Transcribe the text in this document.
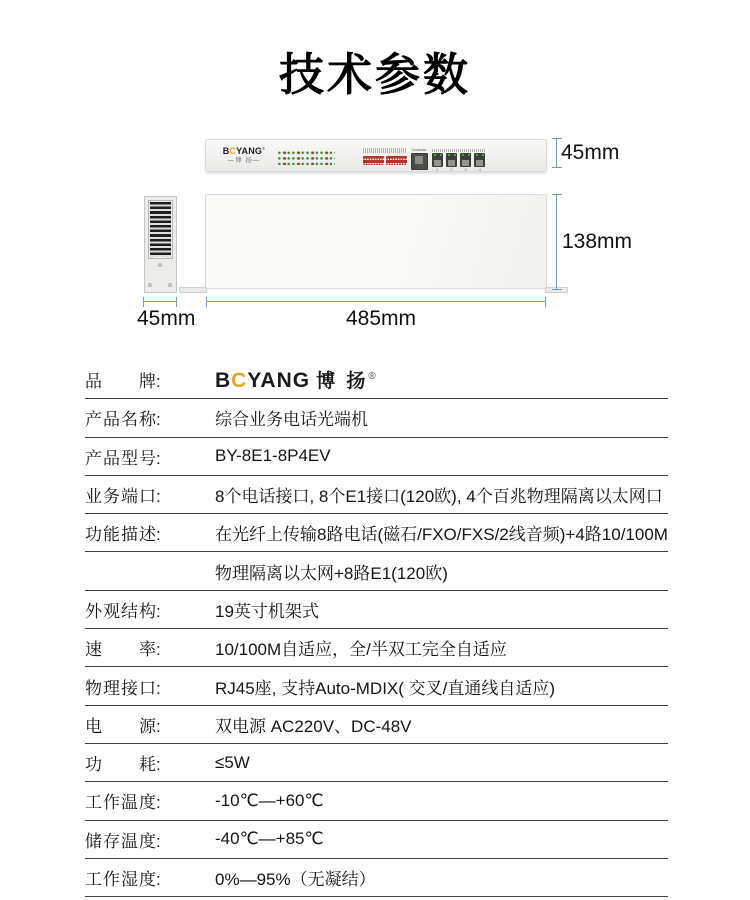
技术参数
BCYANG®
—博 扬—
Console
1	2	3	4
45mm
138mm
45mm	485mm
品牌:	BCYANG 博 扬®
产品名称:	综合业务电话光端机
产品型号:	BY-8E1-8P4EV
业务端口:	8个电话接口, 8个E1接口(120欧), 4个百兆物理隔离以太网口
功能描述:	在光纤上传输8路电话(磁石/FXO/FXS/2线音频)+4路10/100M
物理隔离以太网+8路E1(120欧)
外观结构:	19英寸机架式
速率:	10/100M自适应，全/半双工完全自适应
物理接口:	RJ45座, 支持Auto-MDIX( 交叉/直通线自适应)
电源:	双电源 AC220V、DC-48V
功耗:	≤5W
工作温度:	-10℃—+60℃
储存温度:	-40℃—+85℃
工作湿度:	0%—95%（无凝结）
